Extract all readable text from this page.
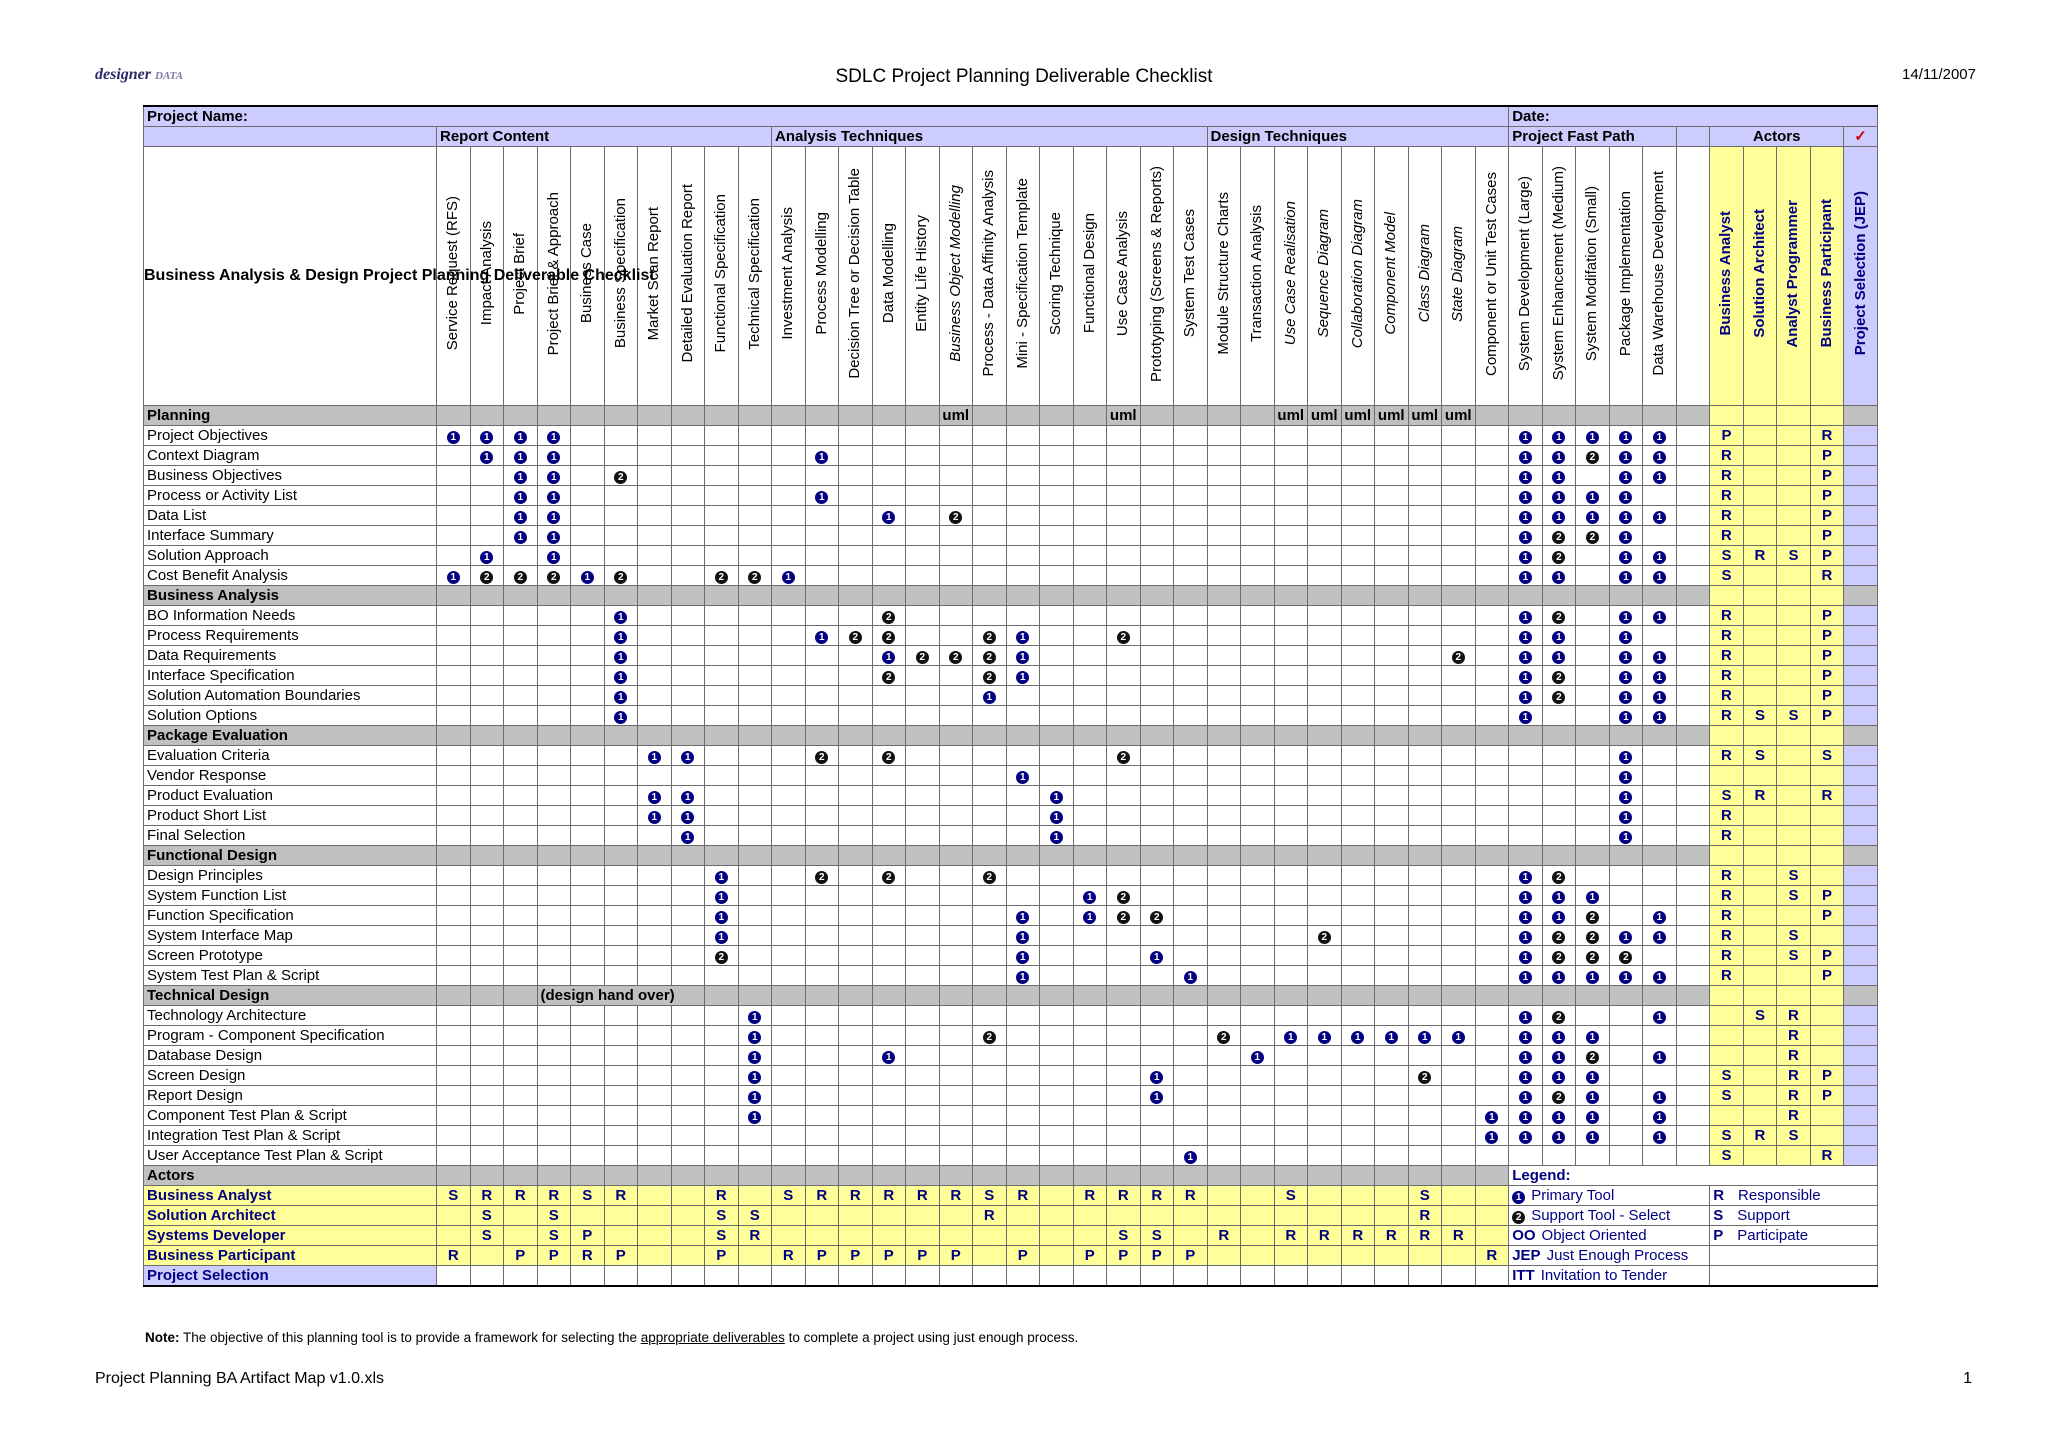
designer DATA	SDLC Project Planning Deliverable Checklist	14/11/2007
Project Name:																																	Date:										
	Report Content										Analysis Techniques													Design Techniques									Project Fast Path						Actors				✓
Business Analysis & Design Project Planning Deliverable Checklist	Service Request (RFS)	Impact Analysis	Project Brief	Project Brief & Approach	Business Case	Business Specification	Market Scan Report	Detailed Evaluation Report	Functional Specification	Technical Specification	Investment Analysis	Process Modelling	Decision Tree or Decision Table	Data Modelling	Entity Life History	Business Object Modelling	Process - Data Affinity Analysis	Mini - Specification Template	Scoring Technique	Functional Design	Use Case Analysis	Prototyping (Screens & Reports)	System Test Cases	Module Structure Charts	Transaction Analysis	Use Case Realisation	Sequence Diagram	Collaboration Diagram	Component Model	Class Diagram	State Diagram	Component or Unit Test Cases	System Development (Large)	System Enhancement (Medium)	System Modifation (Small)	Package Implementation	Data Warehouse Development		Business Analyst	Solution Architect	Analyst Programmer	Business Participant	Project Selection (JEP)
Planning																uml					uml					uml	uml	uml	uml	uml	uml												
Project Objectives	1	1	1	1																													1	1	1	1	1		P			R	
Context Diagram		1	1	1								1																					1	1	2	1	1		R			P	
Business Objectives			1	1		2																											1	1		1	1		R			P	
Process or Activity List			1	1								1																					1	1	1	1			R			P	
Data List			1	1										1		2																	1	1	1	1	1		R			P	
Interface Summary			1	1																													1	2	2	1			R			P	
Solution Approach		1		1																													1	2		1	1		S	R	S	P	
Cost Benefit Analysis	1	2	2	2	1	2			2	2	1																						1	1		1	1		S			R	
Business Analysis																																											
BO Information Needs						1								2																			1	2		1	1		R			P	
Process Requirements						1						1	2	2			2	1			2												1	1		1			R			P	
Data Requirements						1								1	2	2	2	1													2		1	1		1	1		R			P	
Interface Specification						1								2			2	1															1	2		1	1		R			P	
Solution Automation Boundaries						1											1																1	2		1	1		R			P	
Solution Options						1																											1			1	1		R	S	S	P	
Package Evaluation																																											
Evaluation Criteria							1	1				2		2							2															1			R	S		S	
Vendor Response																		1																		1							
Product Evaluation							1	1											1																	1			S	R		R	
Product Short List							1	1											1																	1			R				
Final Selection								1											1																	1			R				
Functional Design																																											
Design Principles									1			2		2			2																1	2					R		S		
System Function List									1											1	2												1	1	1				R		S	P	
Function Specification									1									1		1	2	2											1	1	2		1		R			P	
System Interface Map									1									1									2						1	2	2	1	1		R		S		
Screen Prototype									2									1				1											1	2	2	2			R		S	P	
System Test Plan & Script																		1					1										1	1	1	1	1		R			P	
Technical Design				(design hand over)																																							
Technology Architecture										1																							1	2			1			S	R		
Program - Component Specification										1							2							2		1	1	1	1	1	1		1	1	1						R		
Database Design										1				1											1								1	1	2		1				R		
Screen Design										1												1								2			1	1	1				S		R	P	
Report Design										1												1											1	2	1		1		S		R	P	
Component Test Plan & Script										1																						1	1	1	1		1				R		
Integration Test Plan & Script																																1	1	1	1		1		S	R	S		
User Acceptance Test Plan & Script																							1																S			R	
Actors																																	Legend:										
Business Analyst	S	R	R	R	S	R			R		S	R	R	R	R	R	S	R		R	R	R	R			S				S			1 Primary Tool						R Responsible				
Solution Architect		S		S					S	S							R													R			2 Support Tool - Select						S Support				
Systems Developer		S		S	P				S	R											S	S		R		R	R	R	R	R	R		OO Object Oriented						P Participate				
Business Participant	R		P	P	R	P			P		R	P	P	P	P	P		P		P	P	P	P									R	JEP Just Enough Process										
Project Selection																																	ITT Invitation to Tender										
Note: The objective of this planning tool is to provide a framework for selecting the appropriate deliverables to complete a project using just enough process.
Project Planning BA Artifact Map v1.0.xls	1
